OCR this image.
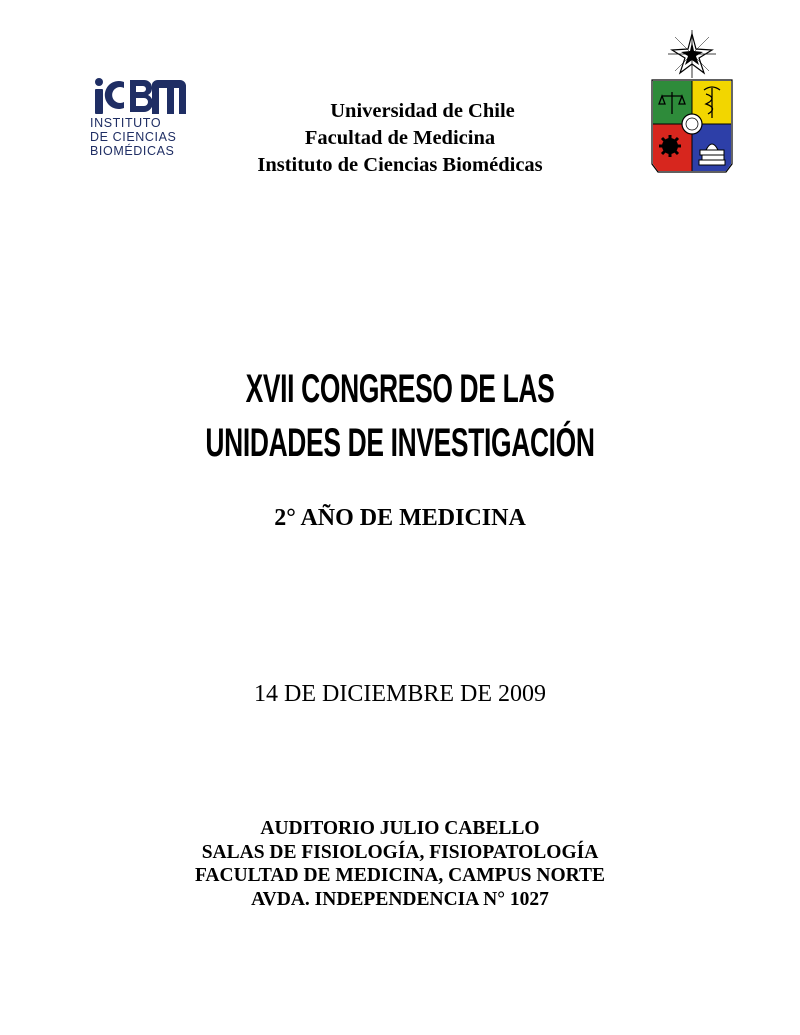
INSTITUTO
DE CIENCIAS
BIOMÉDICAS
Universidad de Chile
Facultad de Medicina
Instituto de Ciencias Biomédicas
XVII CONGRESO DE LAS
UNIDADES DE INVESTIGACIÓN
2° AÑO DE MEDICINA
14 DE DICIEMBRE DE 2009
AUDITORIO JULIO CABELLO
SALAS DE FISIOLOGÍA, FISIOPATOLOGÍA
FACULTAD DE MEDICINA, CAMPUS NORTE
AVDA. INDEPENDENCIA N° 1027
